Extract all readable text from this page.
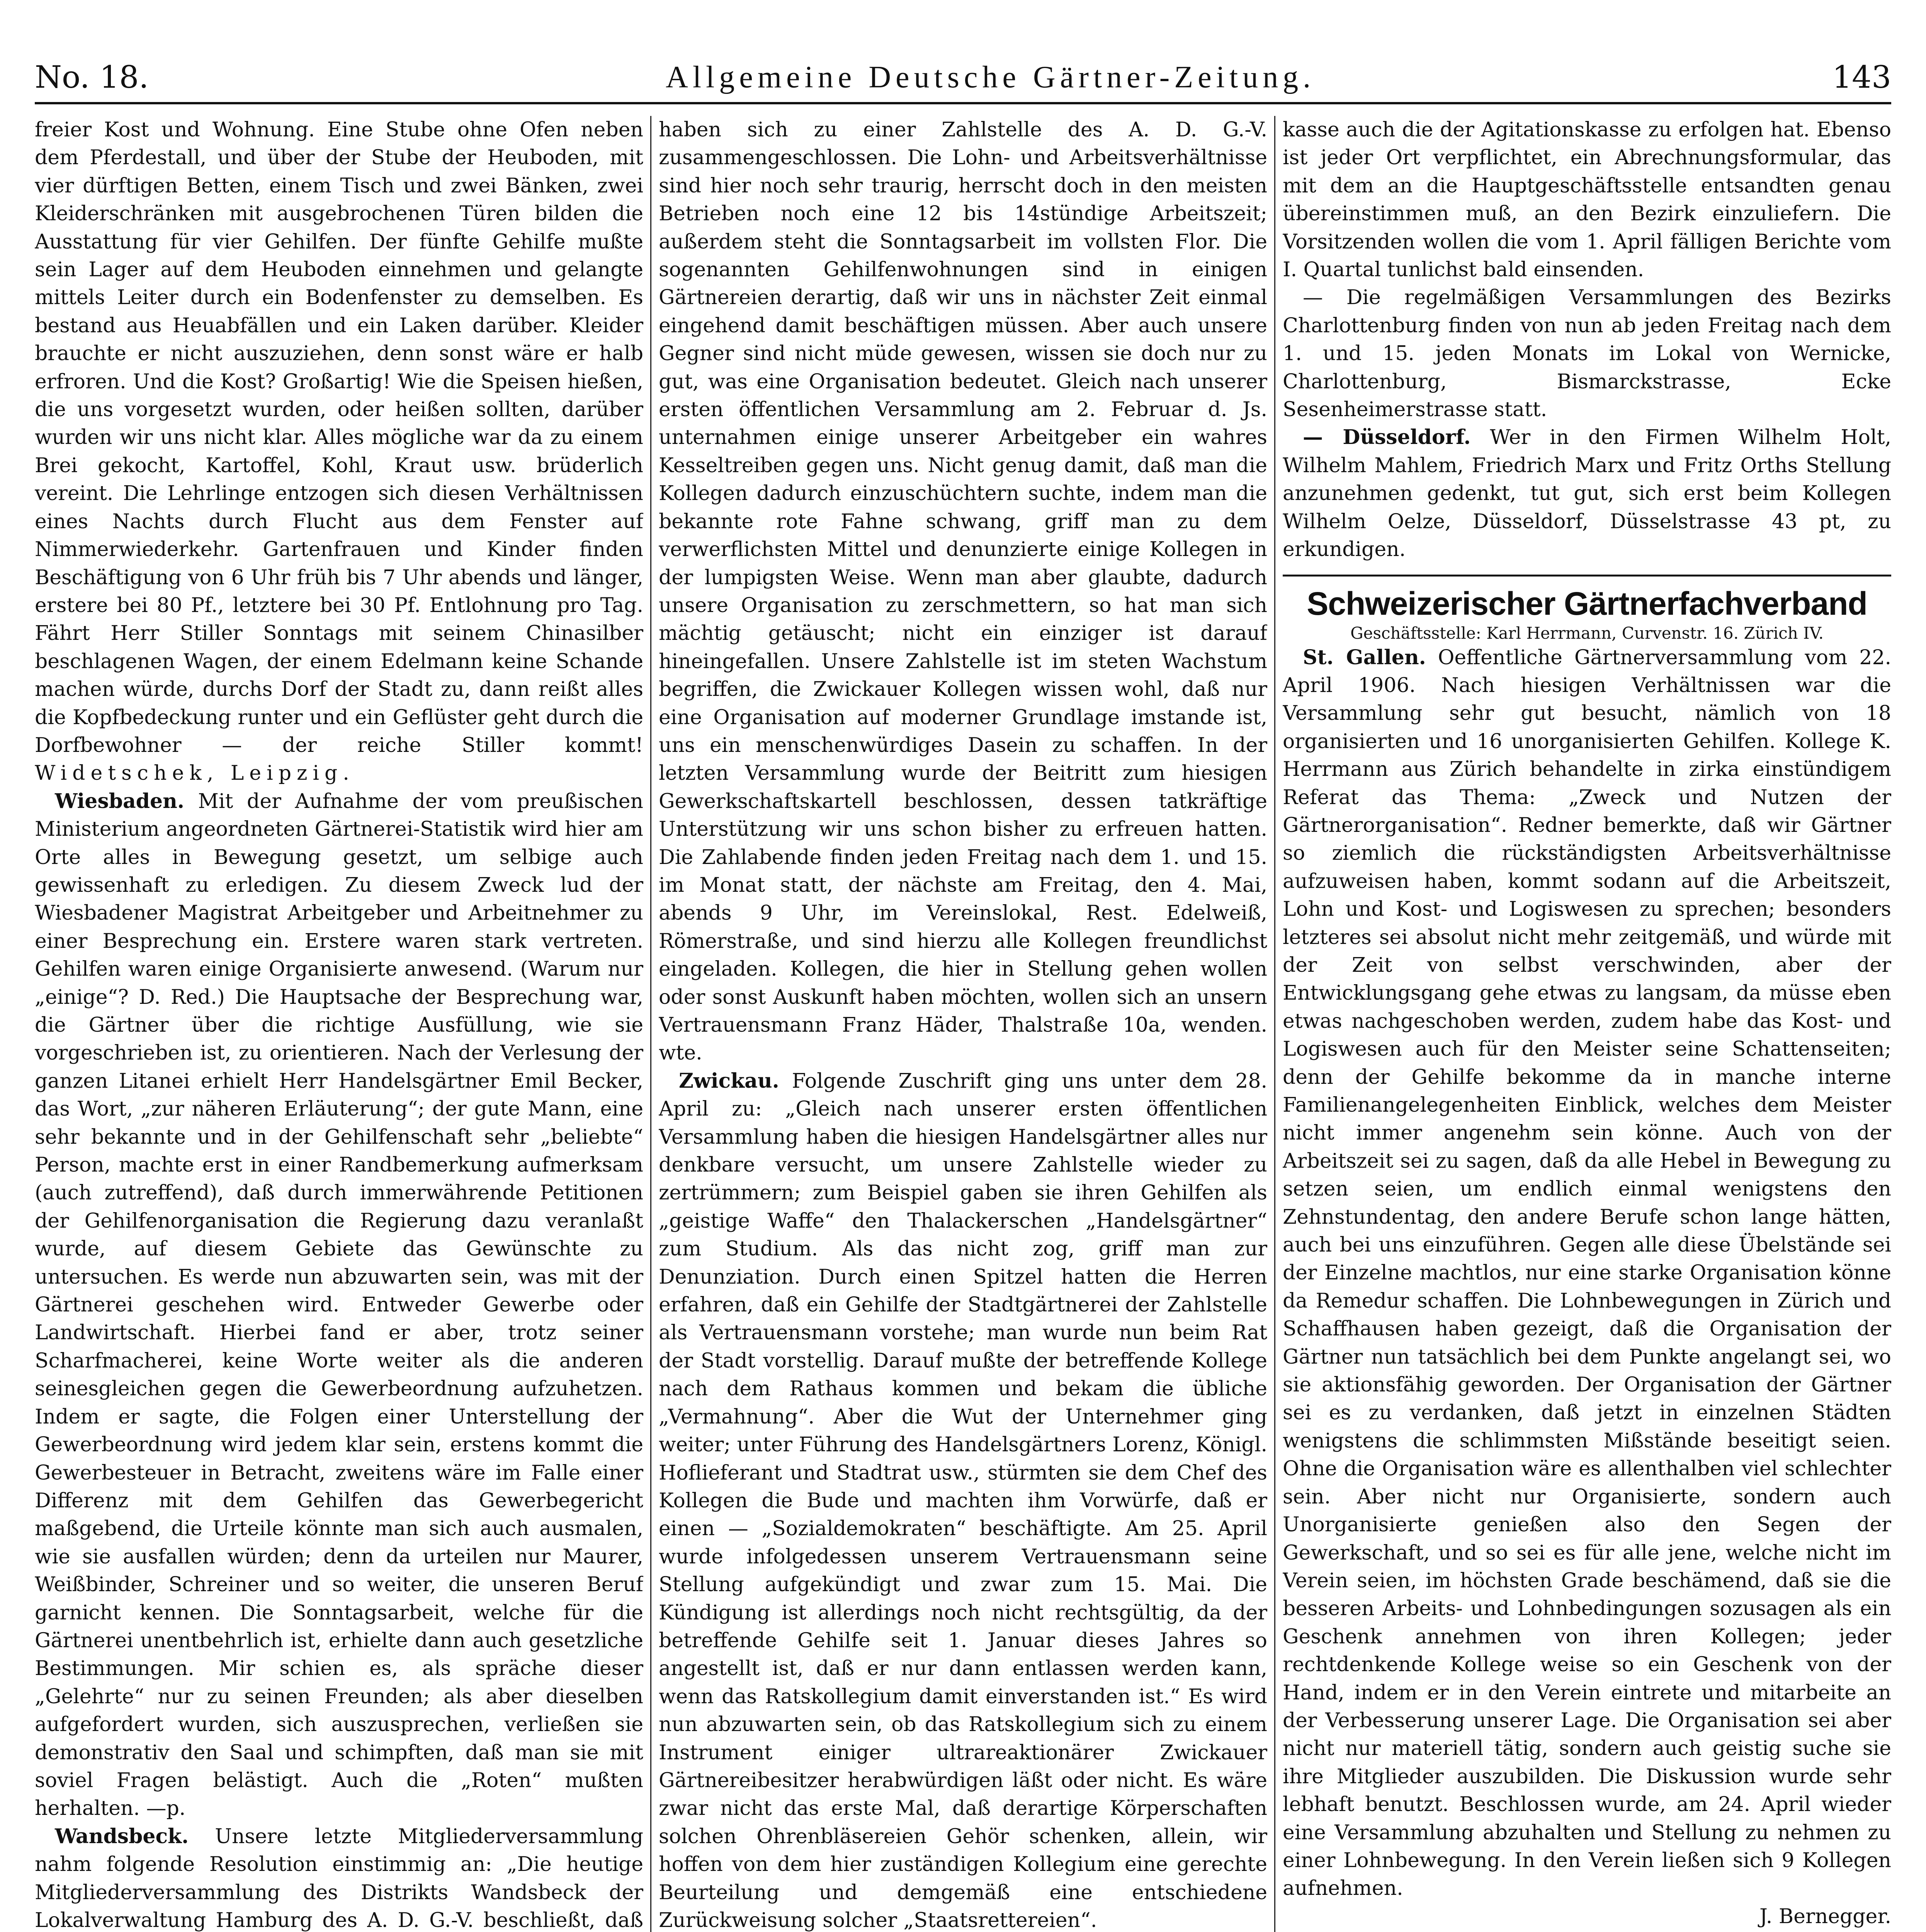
No. 18.	Allgemeine Deutsche Gärtner-Zeitung.	143

freier Kost und Wohnung. Eine Stube ohne Ofen neben dem Pferdestall, und über der Stube der Heuboden, mit vier dürftigen Betten, einem Tisch und zwei Bänken, zwei Kleiderschränken mit ausgebrochenen Türen bilden die Ausstattung für vier Gehilfen. Der fünfte Gehilfe mußte sein Lager auf dem Heuboden einnehmen und gelangte mittels Leiter durch ein Bodenfenster zu demselben. Es bestand aus Heuabfällen und ein Laken darüber. Kleider brauchte er nicht auszuziehen, denn sonst wäre er halb erfroren. Und die Kost? Großartig! Wie die Speisen hießen, die uns vorgesetzt wurden, oder heißen sollten, darüber wurden wir uns nicht klar. Alles mögliche war da zu einem Brei gekocht, Kartoffel, Kohl, Kraut usw. brüderlich vereint. Die Lehrlinge entzogen sich diesen Verhältnissen eines Nachts durch Flucht aus dem Fenster auf Nimmerwiederkehr. Gartenfrauen und Kinder finden Beschäftigung von 6 Uhr früh bis 7 Uhr abends und länger, erstere bei 80 Pf., letztere bei 30 Pf. Entlohnung pro Tag. Fährt Herr Stiller Sonntags mit seinem Chinasilber beschlagenen Wagen, der einem Edelmann keine Schande machen würde, durchs Dorf der Stadt zu, dann reißt alles die Kopfbedeckung runter und ein Geflüster geht durch die Dorfbewohner — der reiche Stiller kommt! Widetschek, Leipzig.

Wiesbaden. Mit der Aufnahme der vom preußischen Ministerium angeordneten Gärtnerei-Statistik wird hier am Orte alles in Bewegung gesetzt, um selbige auch gewissenhaft zu erledigen. Zu diesem Zweck lud der Wiesbadener Magistrat Arbeitgeber und Arbeitnehmer zu einer Besprechung ein. Erstere waren stark vertreten. Gehilfen waren einige Organisierte anwesend. (Warum nur „einige“? D. Red.) Die Hauptsache der Besprechung war, die Gärtner über die richtige Ausfüllung, wie sie vorgeschrieben ist, zu orientieren. Nach der Verlesung der ganzen Litanei erhielt Herr Handelsgärtner Emil Becker, das Wort, „zur näheren Erläuterung“; der gute Mann, eine sehr bekannte und in der Gehilfenschaft sehr „beliebte“ Person, machte erst in einer Randbemerkung aufmerksam (auch zutreffend), daß durch immerwährende Petitionen der Gehilfenorganisation die Regierung dazu veranlaßt wurde, auf diesem Gebiete das Gewünschte zu untersuchen. Es werde nun abzuwarten sein, was mit der Gärtnerei geschehen wird. Entweder Gewerbe oder Landwirtschaft. Hierbei fand er aber, trotz seiner Scharfmacherei, keine Worte weiter als die anderen seinesgleichen gegen die Gewerbeordnung aufzuhetzen. Indem er sagte, die Folgen einer Unterstellung der Gewerbeordnung wird jedem klar sein, erstens kommt die Gewerbesteuer in Betracht, zweitens wäre im Falle einer Differenz mit dem Gehilfen das Gewerbegericht maßgebend, die Urteile könnte man sich auch ausmalen, wie sie ausfallen würden; denn da urteilen nur Maurer, Weißbinder, Schreiner und so weiter, die unseren Beruf garnicht kennen. Die Sonntagsarbeit, welche für die Gärtnerei unentbehrlich ist, erhielte dann auch gesetzliche Bestimmungen. Mir schien es, als spräche dieser „Gelehrte“ nur zu seinen Freunden; als aber dieselben aufgefordert wurden, sich auszusprechen, verließen sie demonstrativ den Saal und schimpften, daß man sie mit soviel Fragen belästigt. Auch die „Roten“ mußten herhalten. —p.

Wandsbeck. Unsere letzte Mitgliederversammlung nahm folgende Resolution einstimmig an: „Die heutige Mitgliederversammlung des Distrikts Wandsbeck der Lokalverwaltung Hamburg des A. D. G.-V. beschließt, daß

haben sich zu einer Zahlstelle des A. D. G.-V. zusammengeschlossen. Die Lohn- und Arbeitsverhältnisse sind hier noch sehr traurig, herrscht doch in den meisten Betrieben noch eine 12 bis 14stündige Arbeitszeit; außerdem steht die Sonntagsarbeit im vollsten Flor. Die sogenannten Gehilfenwohnungen sind in einigen Gärtnereien derartig, daß wir uns in nächster Zeit einmal eingehend damit beschäftigen müssen. Aber auch unsere Gegner sind nicht müde gewesen, wissen sie doch nur zu gut, was eine Organisation bedeutet. Gleich nach unserer ersten öffentlichen Versammlung am 2. Februar d. Js. unternahmen einige unserer Arbeitgeber ein wahres Kesseltreiben gegen uns. Nicht genug damit, daß man die Kollegen dadurch einzuschüchtern suchte, indem man die bekannte rote Fahne schwang, griff man zu dem verwerflichsten Mittel und denunzierte einige Kollegen in der lumpigsten Weise. Wenn man aber glaubte, dadurch unsere Organisation zu zerschmettern, so hat man sich mächtig getäuscht; nicht ein einziger ist darauf hineingefallen. Unsere Zahlstelle ist im steten Wachstum begriffen, die Zwickauer Kollegen wissen wohl, daß nur eine Organisation auf moderner Grundlage imstande ist, uns ein menschenwürdiges Dasein zu schaffen. In der letzten Versammlung wurde der Beitritt zum hiesigen Gewerkschaftskartell beschlossen, dessen tatkräftige Unterstützung wir uns schon bisher zu erfreuen hatten. Die Zahlabende finden jeden Freitag nach dem 1. und 15. im Monat statt, der nächste am Freitag, den 4. Mai, abends 9 Uhr, im Vereinslokal, Rest. Edelweiß, Römerstraße, und sind hierzu alle Kollegen freundlichst eingeladen. Kollegen, die hier in Stellung gehen wollen oder sonst Auskunft haben möchten, wollen sich an unsern Vertrauensmann Franz Häder, Thalstraße 10a, wenden. wte.

Zwickau. Folgende Zuschrift ging uns unter dem 28. April zu: „Gleich nach unserer ersten öffentlichen Versammlung haben die hiesigen Handelsgärtner alles nur denkbare versucht, um unsere Zahlstelle wieder zu zertrümmern; zum Beispiel gaben sie ihren Gehilfen als „geistige Waffe“ den Thalackerschen „Handelsgärtner“ zum Studium. Als das nicht zog, griff man zur Denunziation. Durch einen Spitzel hatten die Herren erfahren, daß ein Gehilfe der Stadtgärtnerei der Zahlstelle als Vertrauensmann vorstehe; man wurde nun beim Rat der Stadt vorstellig. Darauf mußte der betreffende Kollege nach dem Rathaus kommen und bekam die übliche „Vermahnung“. Aber die Wut der Unternehmer ging weiter; unter Führung des Handelsgärtners Lorenz, Königl. Hoflieferant und Stadtrat usw., stürmten sie dem Chef des Kollegen die Bude und machten ihm Vorwürfe, daß er einen — „Sozialdemokraten“ beschäftigte. Am 25. April wurde infolgedessen unserem Vertrauensmann seine Stellung aufgekündigt und zwar zum 15. Mai. Die Kündigung ist allerdings noch nicht rechtsgültig, da der betreffende Gehilfe seit 1. Januar dieses Jahres so angestellt ist, daß er nur dann entlassen werden kann, wenn das Ratskollegium damit einverstanden ist.“ Es wird nun abzuwarten sein, ob das Ratskollegium sich zu einem Instrument einiger ultrareaktionärer Zwickauer Gärtnereibesitzer herabwürdigen läßt oder nicht. Es wäre zwar nicht das erste Mal, daß derartige Körperschaften solchen Ohrenbläsereien Gehör schenken, allein, wir hoffen von dem hier zuständigen Kollegium eine gerechte Beurteilung und demgemäß eine entschiedene Zurückweisung solcher „Staatsrettereien“.

kasse auch die der Agitationskasse zu erfolgen hat. Ebenso ist jeder Ort verpflichtet, ein Abrechnungsformular, das mit dem an die Hauptgeschäftsstelle entsandten genau übereinstimmen muß, an den Bezirk einzuliefern. Die Vorsitzenden wollen die vom 1. April fälligen Berichte vom I. Quartal tunlichst bald einsenden.

— Die regelmäßigen Versammlungen des Bezirks Charlottenburg finden von nun ab jeden Freitag nach dem 1. und 15. jeden Monats im Lokal von Wernicke, Charlottenburg, Bismarckstrasse, Ecke Sesenheimerstrasse statt.

— Düsseldorf. Wer in den Firmen Wilhelm Holt, Wilhelm Mahlem, Friedrich Marx und Fritz Orths Stellung anzunehmen gedenkt, tut gut, sich erst beim Kollegen Wilhelm Oelze, Düsseldorf, Düsselstrasse 43 pt, zu erkundigen.

Schweizerischer Gärtnerfachverband
Geschäftsstelle: Karl Herrmann, Curvenstr. 16. Zürich IV.

St. Gallen. Oeffentliche Gärtnerversammlung vom 22. April 1906. Nach hiesigen Verhältnissen war die Versammlung sehr gut besucht, nämlich von 18 organisierten und 16 unorganisierten Gehilfen. Kollege K. Herrmann aus Zürich behandelte in zirka einstündigem Referat das Thema: „Zweck und Nutzen der Gärtnerorganisation“. Redner bemerkte, daß wir Gärtner so ziemlich die rückständigsten Arbeitsverhältnisse aufzuweisen haben, kommt sodann auf die Arbeitszeit, Lohn und Kost- und Logiswesen zu sprechen; besonders letzteres sei absolut nicht mehr zeitgemäß, und würde mit der Zeit von selbst verschwinden, aber der Entwicklungsgang gehe etwas zu langsam, da müsse eben etwas nachgeschoben werden, zudem habe das Kost- und Logiswesen auch für den Meister seine Schattenseiten; denn der Gehilfe bekomme da in manche interne Familienangelegenheiten Einblick, welches dem Meister nicht immer angenehm sein könne. Auch von der Arbeitszeit sei zu sagen, daß da alle Hebel in Bewegung zu setzen seien, um endlich einmal wenigstens den Zehnstundentag, den andere Berufe schon lange hätten, auch bei uns einzuführen. Gegen alle diese Übelstände sei der Einzelne machtlos, nur eine starke Organisation könne da Remedur schaffen. Die Lohnbewegungen in Zürich und Schaffhausen haben gezeigt, daß die Organisation der Gärtner nun tatsächlich bei dem Punkte angelangt sei, wo sie aktionsfähig geworden. Der Organisation der Gärtner sei es zu verdanken, daß jetzt in einzelnen Städten wenigstens die schlimmsten Mißstände beseitigt seien. Ohne die Organisation wäre es allenthalben viel schlechter sein. Aber nicht nur Organisierte, sondern auch Unorganisierte genießen also den Segen der Gewerkschaft, und so sei es für alle jene, welche nicht im Verein seien, im höchsten Grade beschämend, daß sie die besseren Arbeits- und Lohnbedingungen sozusagen als ein Geschenk annehmen von ihren Kollegen; jeder rechtdenkende Kollege weise so ein Geschenk von der Hand, indem er in den Verein eintrete und mitarbeite an der Verbesserung unserer Lage. Die Organisation sei aber nicht nur materiell tätig, sondern auch geistig suche sie ihre Mitglieder auszubilden. Die Diskussion wurde sehr lebhaft benutzt. Beschlossen wurde, am 24. April wieder eine Versammlung abzuhalten und Stellung zu nehmen zu einer Lohnbewegung. In den Verein ließen sich 9 Kollegen aufnehmen.

J. Bernegger.
